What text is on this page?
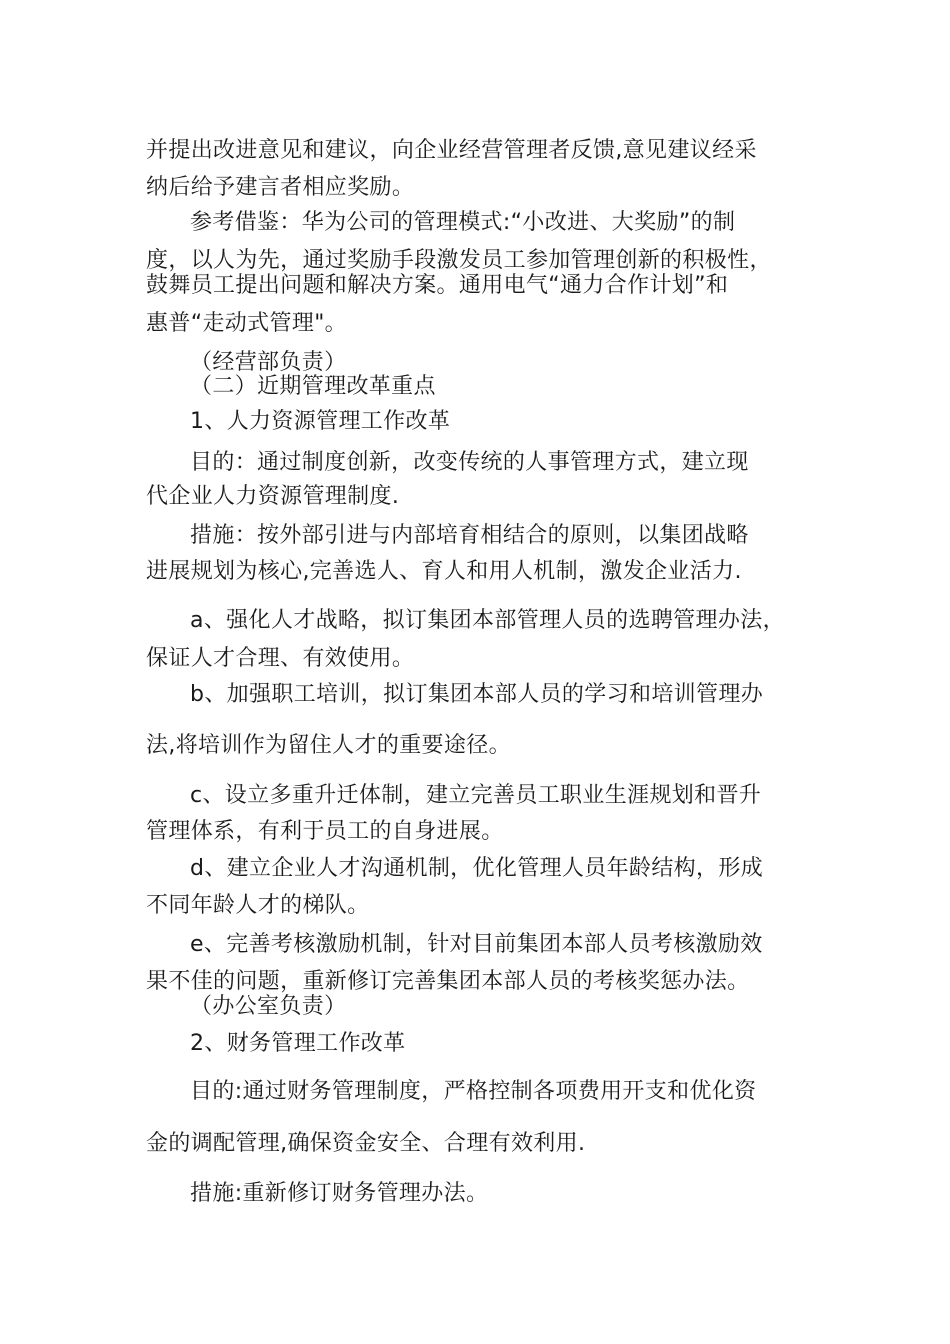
并提出改进意见和建议，向企业经营管理者反馈,意见建议经采

纳后给予建言者相应奖励。

参考借鉴：华为公司的管理模式:“小改进、大奖励”的制

度，以人为先，通过奖励手段激发员工参加管理创新的积极性，

鼓舞员工提出问题和解决方案。通用电气“通力合作计划”和

惠普“走动式管理"。

（经营部负责）

（二）近期管理改革重点

1、人力资源管理工作改革

目的：通过制度创新，改变传统的人事管理方式，建立现

代企业人力资源管理制度.

措施：按外部引进与内部培育相结合的原则，以集团战略

进展规划为核心,完善选人、育人和用人机制，激发企业活力.

a、强化人才战略，拟订集团本部管理人员的选聘管理办法，

保证人才合理、有效使用。

b、加强职工培训，拟订集团本部人员的学习和培训管理办

法,将培训作为留住人才的重要途径。

c、设立多重升迁体制，建立完善员工职业生涯规划和晋升

管理体系，有利于员工的自身进展。

d、建立企业人才沟通机制，优化管理人员年龄结构，形成

不同年龄人才的梯队。

e、完善考核激励机制，针对目前集团本部人员考核激励效

果不佳的问题，重新修订完善集团本部人员的考核奖惩办法。

（办公室负责）

2、财务管理工作改革

目的:通过财务管理制度，严格控制各项费用开支和优化资

金的调配管理,确保资金安全、合理有效利用.

措施:重新修订财务管理办法。
